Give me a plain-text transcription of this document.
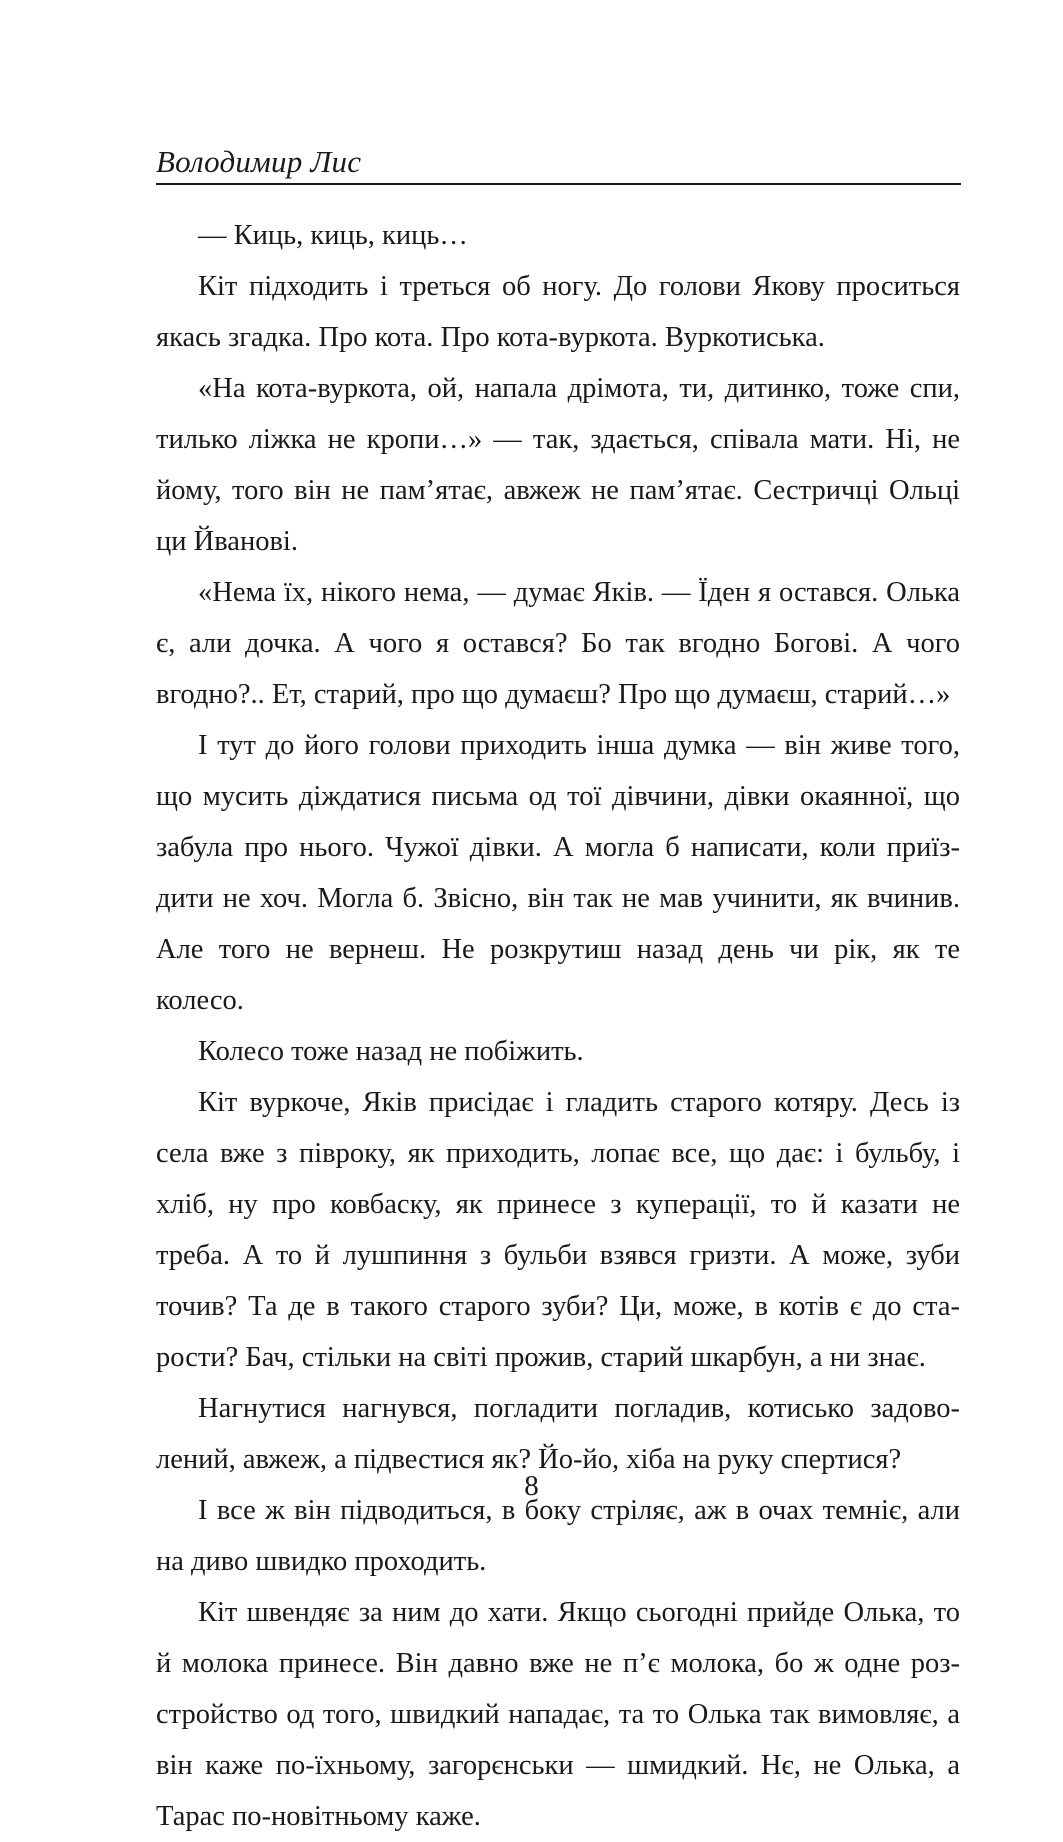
Володимир Лис

— Киць, киць, киць…

Кіт підходить і треться об ногу. До голови Якову проситься якась згадка. Про кота. Про кота-вуркота. Вуркотиська.

«На кота-вуркота, ой, напала дрімота, ти, дитинко, тоже спи, тилько ліжка не кропи…» — так, здається, співала мати. Ні, не йому, того він не пам’ятає, авжеж не пам’ятає. Сестричці Ольці ци Йванові.

«Нема їх, нікого нема, — думає Яків. — Їден я остався. Олька є, али дочка. А чого я остався? Бо так вгодно Богові. А чого вгодно?.. Ет, старий, про що думаєш? Про що думаєш, старий…»

І тут до його голови приходить інша думка — він живе того, що мусить діждатися письма од тої дівчини, дівки окаянної, що забула про нього. Чужої дівки. А могла б написати, коли приїздити не хоч. Могла б. Звісно, він так не мав учинити, як вчинив. Але того не вернеш. Не розкрутиш назад день чи рік, як те колесо.

Колесо тоже назад не побіжить.

Кіт вуркоче, Яків присідає і гладить старого котяру. Десь із села вже з півроку, як приходить, лопає все, що дає: і бульбу, і хліб, ну про ковбаску, як принесе з куперації, то й казати не треба. А то й лушпиння з бульби взявся гризти. А може, зуби точив? Та де в такого старого зуби? Ци, може, в котів є до старости? Бач, стільки на світі прожив, старий шкарбун, а ни знає.

Нагнутися нагнувся, погладити погладив, котисько задоволений, авжеж, а підвестися як? Йо-йо, хіба на руку спертися?

І все ж він підводиться, в боку стріляє, аж в очах темніє, али на диво швидко проходить.

Кіт швендяє за ним до хати. Якщо сьогодні прийде Олька, то й молока принесе. Він давно вже не п’є молока, бо ж одне розстройство од того, швидкий нападає, та то Олька так вимовляє, а він каже по-їхньому, загорєнськи — шмидкий. Нє, не Олька, а Тарас по-новітньому каже.

8
